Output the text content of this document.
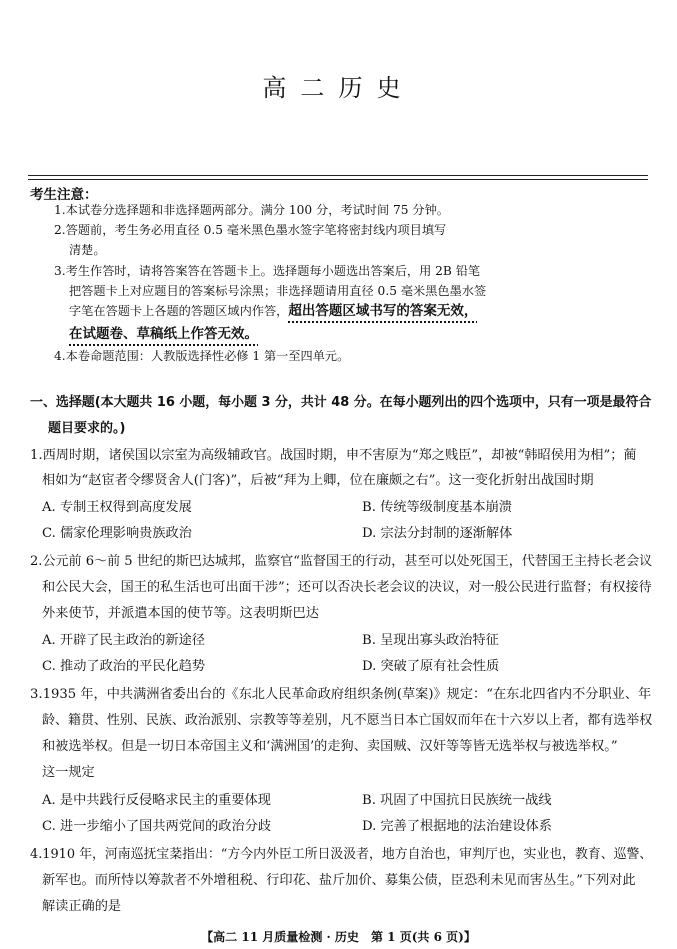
高二历史
考生注意：
1.本试卷分选择题和非选择题两部分。满分 100 分，考试时间 75 分钟。
2.答题前，考生务必用直径 0.5 毫米黑色墨水签字笔将密封线内项目填写
清楚。
3.考生作答时，请将答案答在答题卡上。选择题每小题选出答案后，用 2B 铅笔
把答题卡上对应题目的答案标号涂黑；非选择题请用直径 0.5 毫米黑色墨水签
字笔在答题卡上各题的答题区域内作答，超出答题区域书写的答案无效，
在试题卷、草稿纸上作答无效。
4.本卷命题范围：人教版选择性必修 1 第一至四单元。
一、选择题(本大题共 16 小题，每小题 3 分，共计 48 分。在每小题列出的四个选项中，只有一项是最符合
题目要求的。)
1.西周时期，诸侯国以宗室为高级辅政官。战国时期，申不害原为“郑之贱臣”，却被“韩昭侯用为相”；蔺
相如为“赵宦者令缪贤舍人(门客)”，后被“拜为上卿，位在廉颇之右”。这一变化折射出战国时期
A. 专制王权得到高度发展	B. 传统等级制度基本崩溃
C. 儒家伦理影响贵族政治	D. 宗法分封制的逐渐解体
2.公元前 6～前 5 世纪的斯巴达城邦，监察官“监督国王的行动，甚至可以处死国王，代替国王主持长老会议
和公民大会，国王的私生活也可出面干涉”；还可以否决长老会议的决议，对一般公民进行监督；有权接待
外来使节，并派遣本国的使节等。这表明斯巴达
A. 开辟了民主政治的新途径	B. 呈现出寡头政治特征
C. 推动了政治的平民化趋势	D. 突破了原有社会性质
3.1935 年，中共满洲省委出台的《东北人民革命政府组织条例(草案)》规定：“在东北四省内不分职业、年
龄、籍贯、性别、民族、政治派别、宗教等等差别，凡不愿当日本亡国奴而年在十六岁以上者，都有选举权
和被选举权。但是一切日本帝国主义和‘满洲国’的走狗、卖国贼、汉奸等等皆无选举权与被选举权。”
这一规定
A. 是中共践行反侵略求民主的重要体现	B. 巩固了中国抗日民族统一战线
C. 进一步缩小了国共两党间的政治分歧	D. 完善了根据地的法治建设体系
4.1910 年，河南巡抚宝棻指出：“方今内外臣工所日汲汲者，地方自治也，审判厅也，实业也，教育、巡警、
新军也。而所恃以筹款者不外增租税、行印花、盐斤加价、募集公债，臣恐利未见而害丛生。”下列对此
解读正确的是
【高二 11 月质量检测 · 历史　第 1 页(共 6 页)】
